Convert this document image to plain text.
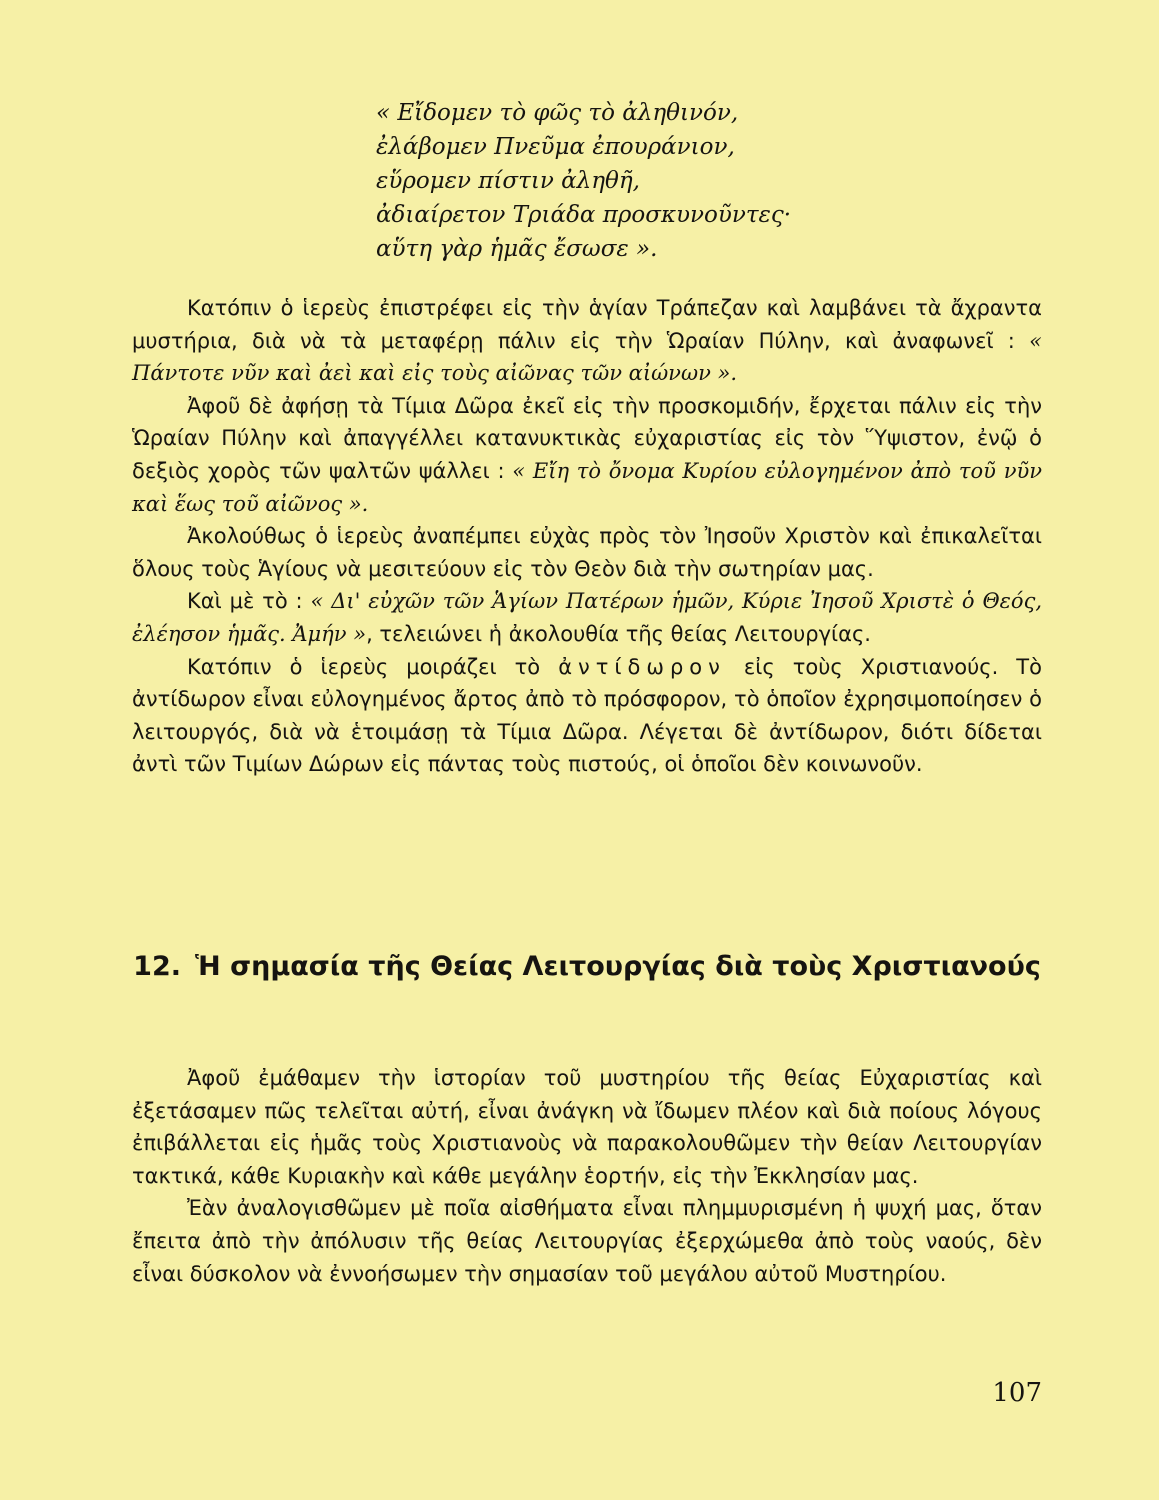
« Εἴδομεν τὸ φῶς τὸ ἀληθινόν,
ἐλάβομεν Πνεῦμα ἐπουράνιον,
εὕρομεν πίστιν ἀληθῆ,
ἀδιαίρετον Τριάδα προσκυνοῦντες·
αὕτη γὰρ ἡμᾶς ἔσωσε ».

Κατόπιν ὁ ἱερεὺς ἐπιστρέφει εἰς τὴν ἁγίαν Τράπεζαν καὶ λαμβάνει τὰ ἄχραντα μυστήρια, διὰ νὰ τὰ μεταφέρῃ πάλιν εἰς τὴν Ὡραίαν Πύλην, καὶ ἀναφωνεῖ : « Πάντοτε νῦν καὶ ἀεὶ καὶ εἰς τοὺς αἰῶνας τῶν αἰώνων ».

Ἀφοῦ δὲ ἀφήσῃ τὰ Τίμια Δῶρα ἐκεῖ εἰς τὴν προσκομιδήν, ἔρχεται πάλιν εἰς τὴν Ὡραίαν Πύλην καὶ ἀπαγγέλλει κατανυκτικὰς εὐχαριστίας εἰς τὸν Ὕψιστον, ἐνῷ ὁ δεξιὸς χορὸς τῶν ψαλτῶν ψάλλει : « Εἴη τὸ ὄνομα Κυρίου εὐλογημένον ἀπὸ τοῦ νῦν καὶ ἕως τοῦ αἰῶνος ».

Ἀκολούθως ὁ ἱερεὺς ἀναπέμπει εὐχὰς πρὸς τὸν Ἰησοῦν Χριστὸν καὶ ἐπικαλεῖται ὅλους τοὺς Ἁγίους νὰ μεσιτεύουν εἰς τὸν Θεὸν διὰ τὴν σωτηρίαν μας.

Καὶ μὲ τὸ : « Δι' εὐχῶν τῶν Ἁγίων Πατέρων ἡμῶν, Κύριε Ἰησοῦ Χριστὲ ὁ Θεός, ἐλέησον ἡμᾶς. Ἀμήν », τελειώνει ἡ ἀκολουθία τῆς θείας Λειτουργίας.

Κατόπιν ὁ ἱερεὺς μοιράζει τὸ ἀντίδωρον εἰς τοὺς Χριστιανούς. Τὸ ἀντίδωρον εἶναι εὐλογημένος ἄρτος ἀπὸ τὸ πρόσφορον, τὸ ὁποῖον ἐχρησιμοποίησεν ὁ λειτουργός, διὰ νὰ ἑτοιμάσῃ τὰ Τίμια Δῶρα. Λέγεται δὲ ἀντίδωρον, διότι δίδεται ἀντὶ τῶν Τιμίων Δώρων εἰς πάντας τοὺς πιστούς, οἱ ὁποῖοι δὲν κοινωνοῦν.

12. Ἡ σημασία τῆς Θείας Λειτουργίας διὰ τοὺς Χριστιανούς

Ἀφοῦ ἐμάθαμεν τὴν ἱστορίαν τοῦ μυστηρίου τῆς θείας Εὐχαριστίας καὶ ἐξετάσαμεν πῶς τελεῖται αὐτή, εἶναι ἀνάγκη νὰ ἴδωμεν πλέον καὶ διὰ ποίους λόγους ἐπιβάλλεται εἰς ἡμᾶς τοὺς Χριστιανοὺς νὰ παρακολουθῶμεν τὴν θείαν Λειτουργίαν τακτικά, κάθε Κυριακὴν καὶ κάθε μεγάλην ἑορτήν, εἰς τὴν Ἐκκλησίαν μας.

Ἐὰν ἀναλογισθῶμεν μὲ ποῖα αἰσθήματα εἶναι πλημμυρισμένη ἡ ψυχή μας, ὅταν ἔπειτα ἀπὸ τὴν ἀπόλυσιν τῆς θείας Λειτουργίας ἐξερχώμεθα ἀπὸ τοὺς ναούς, δὲν εἶναι δύσκολον νὰ ἐννοήσωμεν τὴν σημασίαν τοῦ μεγάλου αὐτοῦ Μυστηρίου.

107
